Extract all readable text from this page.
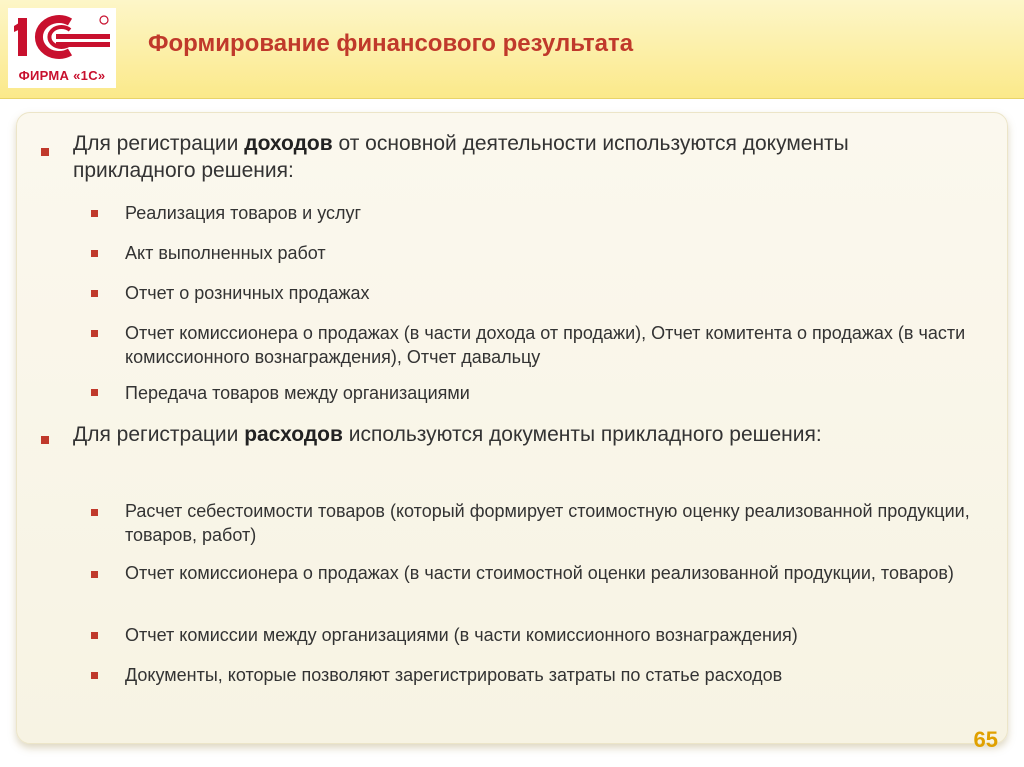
ФИРМА «1С»
Формирование финансового результата
Для регистрации доходов от основной деятельности используются документы прикладного решения:
Реализация товаров и услуг
Акт выполненных работ
Отчет о розничных продажах
Отчет комиссионера о продажах (в части дохода от продажи), Отчет комитента о продажах (в части комиссионного вознаграждения), Отчет давальцу
Передача товаров между организациями
Для регистрации расходов используются документы прикладного решения:
Расчет себестоимости товаров (который формирует стоимостную оценку реализованной продукции, товаров, работ)
Отчет комиссионера о продажах (в части стоимостной оценки реализованной продукции, товаров)
Отчет комиссии между организациями (в части комиссионного вознаграждения)
Документы, которые позволяют зарегистрировать затраты по статье расходов
65
